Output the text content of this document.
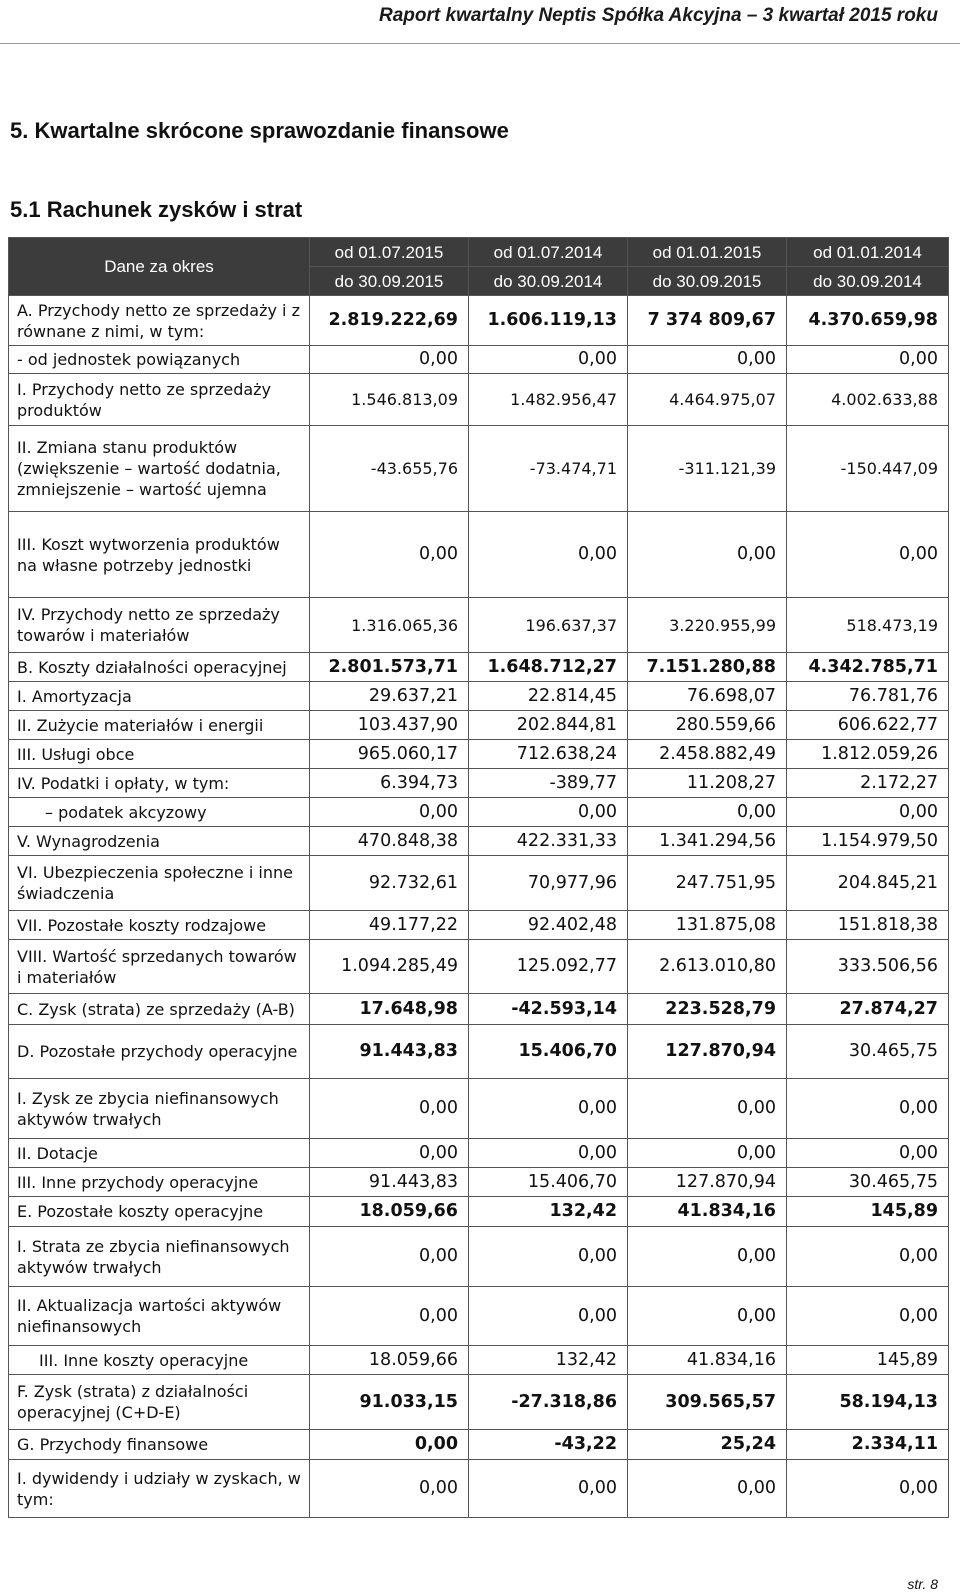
Raport kwartalny Neptis Spółka Akcyjna – 3 kwartał 2015 roku
5. Kwartalne skrócone sprawozdanie finansowe
5.1 Rachunek zysków i strat
Dane za okres	od 01.07.2015	od 01.07.2014	od 01.01.2015	od 01.01.2014
	do 30.09.2015	do 30.09.2014	do 30.09.2015	do 30.09.2014
A. Przychody netto ze sprzedaży i z równane z nimi, w tym:	2.819.222,69	1.606.119,13	7 374 809,67	4.370.659,98
- od jednostek powiązanych	0,00	0,00	0,00	0,00
I. Przychody netto ze sprzedaży produktów	1.546.813,09	1.482.956,47	4.464.975,07	4.002.633,88
II. Zmiana stanu produktów (zwiększenie – wartość dodatnia, zmniejszenie – wartość ujemna	-43.655,76	-73.474,71	-311.121,39	-150.447,09
III. Koszt wytworzenia produktów na własne potrzeby jednostki	0,00	0,00	0,00	0,00
IV. Przychody netto ze sprzedaży towarów i materiałów	1.316.065,36	196.637,37	3.220.955,99	518.473,19
B. Koszty działalności operacyjnej	2.801.573,71	1.648.712,27	7.151.280,88	4.342.785,71
I. Amortyzacja	29.637,21	22.814,45	76.698,07	76.781,76
II. Zużycie materiałów i energii	103.437,90	202.844,81	280.559,66	606.622,77
III. Usługi obce	965.060,17	712.638,24	2.458.882,49	1.812.059,26
IV. Podatki i opłaty, w tym:	6.394,73	-389,77	11.208,27	2.172,27
– podatek akcyzowy	0,00	0,00	0,00	0,00
V. Wynagrodzenia	470.848,38	422.331,33	1.341.294,56	1.154.979,50
VI. Ubezpieczenia społeczne i inne świadczenia	92.732,61	70,977,96	247.751,95	204.845,21
VII. Pozostałe koszty rodzajowe	49.177,22	92.402,48	131.875,08	151.818,38
VIII. Wartość sprzedanych towarów i materiałów	1.094.285,49	125.092,77	2.613.010,80	333.506,56
C. Zysk (strata) ze sprzedaży (A-B)	17.648,98	-42.593,14	223.528,79	27.874,27
D. Pozostałe przychody operacyjne	91.443,83	15.406,70	127.870,94	30.465,75
I. Zysk ze zbycia niefinansowych aktywów trwałych	0,00	0,00	0,00	0,00
II. Dotacje	0,00	0,00	0,00	0,00
III. Inne przychody operacyjne	91.443,83	15.406,70	127.870,94	30.465,75
E. Pozostałe koszty operacyjne	18.059,66	132,42	41.834,16	145,89
I. Strata ze zbycia niefinansowych aktywów trwałych	0,00	0,00	0,00	0,00
II. Aktualizacja wartości aktywów niefinansowych	0,00	0,00	0,00	0,00
III. Inne koszty operacyjne	18.059,66	132,42	41.834,16	145,89
F. Zysk (strata) z działalności operacyjnej (C+D-E)	91.033,15	-27.318,86	309.565,57	58.194,13
G. Przychody finansowe	0,00	-43,22	25,24	2.334,11
I. dywidendy i udziały w zyskach, w tym:	0,00	0,00	0,00	0,00
str. 8
